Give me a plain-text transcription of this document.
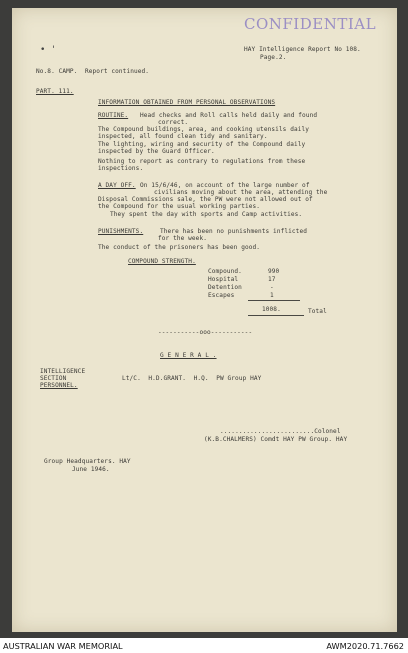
CONFIDENTIAL
• '	HAY Intelligence Report No 108.
Page.2.
No.8. CAMP.  Report continued.
PART. 111.
INFORMATION OBTAINED FROM PERSONAL OBSERVATIONS
ROUTINE. Head checks and Roll calls held daily and found
correct.
The Compound buildings, area, and cooking utensils daily
inspected, all found clean tidy and sanitary.
The lighting, wiring and security of the Compound daily
inspected by the Guard Officer.
Nothing to report as contrary to regulations from these
inspections.
A DAY OFF. On 15/6/46, on account of the large number of
civilians moving about the area, attending the
Disposal Commissions sale, the PW were not allowed out of
the Compound for the usual working parties.
They spent the day with sports and Camp activities.
PUNISHMENTS.	There has been no punishments inflicted
for the week.
The conduct of the prisoners has been good.
COMPOUND STRENGTH.
Compound.	990
Hospital	17
Detention	-
Escapes	1
1008.	Total
-----------ooo-----------
G E N E R A L .
INTELLIGENCE
SECTION
PERSONNEL.
Lt/C.  H.D.GRANT.  H.Q.  PW Group HAY
.........................Colonel
(K.B.CHALMERS) Comdt HAY PW Group. HAY
Group Headquarters. HAY
June 1946.
AUSTRALIAN WAR MEMORIAL	AWM2020.71.7662
